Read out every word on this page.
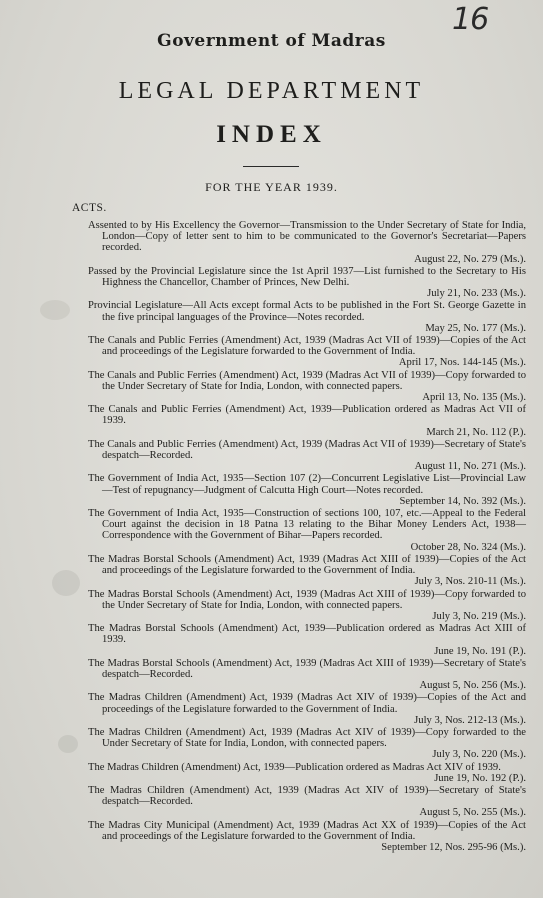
16
Government of Madras
LEGAL DEPARTMENT
INDEX
FOR THE YEAR 1939.
ACTS.
Assented to by His Excellency the Governor—Transmission to the Under Secretary of State for India, London—Copy of letter sent to him to be communicated to the Governor's Secretariat—Papers recorded.
August 22, No. 279 (Ms.).
Passed by the Provincial Legislature since the 1st April 1937—List furnished to the Secretary to His Highness the Chancellor, Chamber of Princes, New Delhi.
July 21, No. 233 (Ms.).
Provincial Legislature—All Acts except formal Acts to be published in the Fort St. George Gazette in the five principal languages of the Province—Notes recorded.
May 25, No. 177 (Ms.).
The Canals and Public Ferries (Amendment) Act, 1939 (Madras Act VII of 1939)—Copies of the Act and proceedings of the Legislature forwarded to the Government of India.
April 17, Nos. 144-145 (Ms.).
The Canals and Public Ferries (Amendment) Act, 1939 (Madras Act VII of 1939)—Copy forwarded to the Under Secretary of State for India, London, with connected papers.
April 13, No. 135 (Ms.).
The Canals and Public Ferries (Amendment) Act, 1939—Publication ordered as Madras Act VII of 1939.
March 21, No. 112 (P.).
The Canals and Public Ferries (Amendment) Act, 1939 (Madras Act VII of 1939)—Secretary of State's despatch—Recorded.
August 11, No. 271 (Ms.).
The Government of India Act, 1935—Section 107 (2)—Concurrent Legislative List—Provincial Law—Test of repugnancy—Judgment of Calcutta High Court—Notes recorded.
September 14, No. 392 (Ms.).
The Government of India Act, 1935—Construction of sections 100, 107, etc.—Appeal to the Federal Court against the decision in 18 Patna 13 relating to the Bihar Money Lenders Act, 1938—Correspondence with the Government of Bihar—Papers recorded.
October 28, No. 324 (Ms.).
The Madras Borstal Schools (Amendment) Act, 1939 (Madras Act XIII of 1939)—Copies of the Act and proceedings of the Legislature forwarded to the Government of India.
July 3, Nos. 210-11 (Ms.).
The Madras Borstal Schools (Amendment) Act, 1939 (Madras Act XIII of 1939)—Copy forwarded to the Under Secretary of State for India, London, with connected papers.
July 3, No. 219 (Ms.).
The Madras Borstal Schools (Amendment) Act, 1939—Publication ordered as Madras Act XIII of 1939.
June 19, No. 191 (P.).
The Madras Borstal Schools (Amendment) Act, 1939 (Madras Act XIII of 1939)—Secretary of State's despatch—Recorded.
August 5, No. 256 (Ms.).
The Madras Children (Amendment) Act, 1939 (Madras Act XIV of 1939)—Copies of the Act and proceedings of the Legislature forwarded to the Government of India.
July 3, Nos. 212-13 (Ms.).
The Madras Children (Amendment) Act, 1939 (Madras Act XIV of 1939)—Copy forwarded to the Under Secretary of State for India, London, with connected papers.
July 3, No. 220 (Ms.).
The Madras Children (Amendment) Act, 1939—Publication ordered as Madras Act XIV of 1939.
June 19, No. 192 (P.).
The Madras Children (Amendment) Act, 1939 (Madras Act XIV of 1939)—Secretary of State's despatch—Recorded.
August 5, No. 255 (Ms.).
The Madras City Municipal (Amendment) Act, 1939 (Madras Act XX of 1939)—Copies of the Act and proceedings of the Legislature forwarded to the Government of India.
September 12, Nos. 295-96 (Ms.).
